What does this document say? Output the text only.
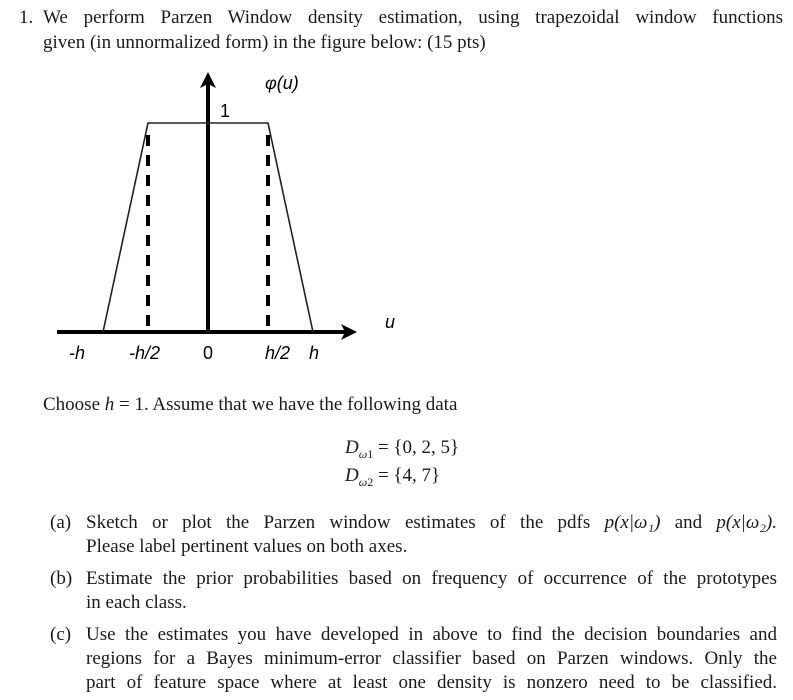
1. We perform Parzen Window density estimation, using trapezoidal window functions
given (in unnormalized form) in the figure below: (15 pts)
φ(u)
1
u
-h -h/2 0	h/2 h
Choose h = 1. Assume that we have the following data
$D_{\omega 1} = \{0$, 2, 5}
$D_{\omega 2} = \{4$, 7}
(a) Sketch or plot the Parzen window estimates of the pdfs p(x|ω₁) and p(x|ω₂).
Please label pertinent values on both axes.
(b) Estimate the prior probabilities based on frequency of occurrence of the prototypes
in each class.
(c) Use the estimates you have developed in above to find the decision boundaries and
regions for a Bayes minimum-error classifier based on Parzen windows. Only the
part of feature space where at least one density is nonzero need to be classified.
